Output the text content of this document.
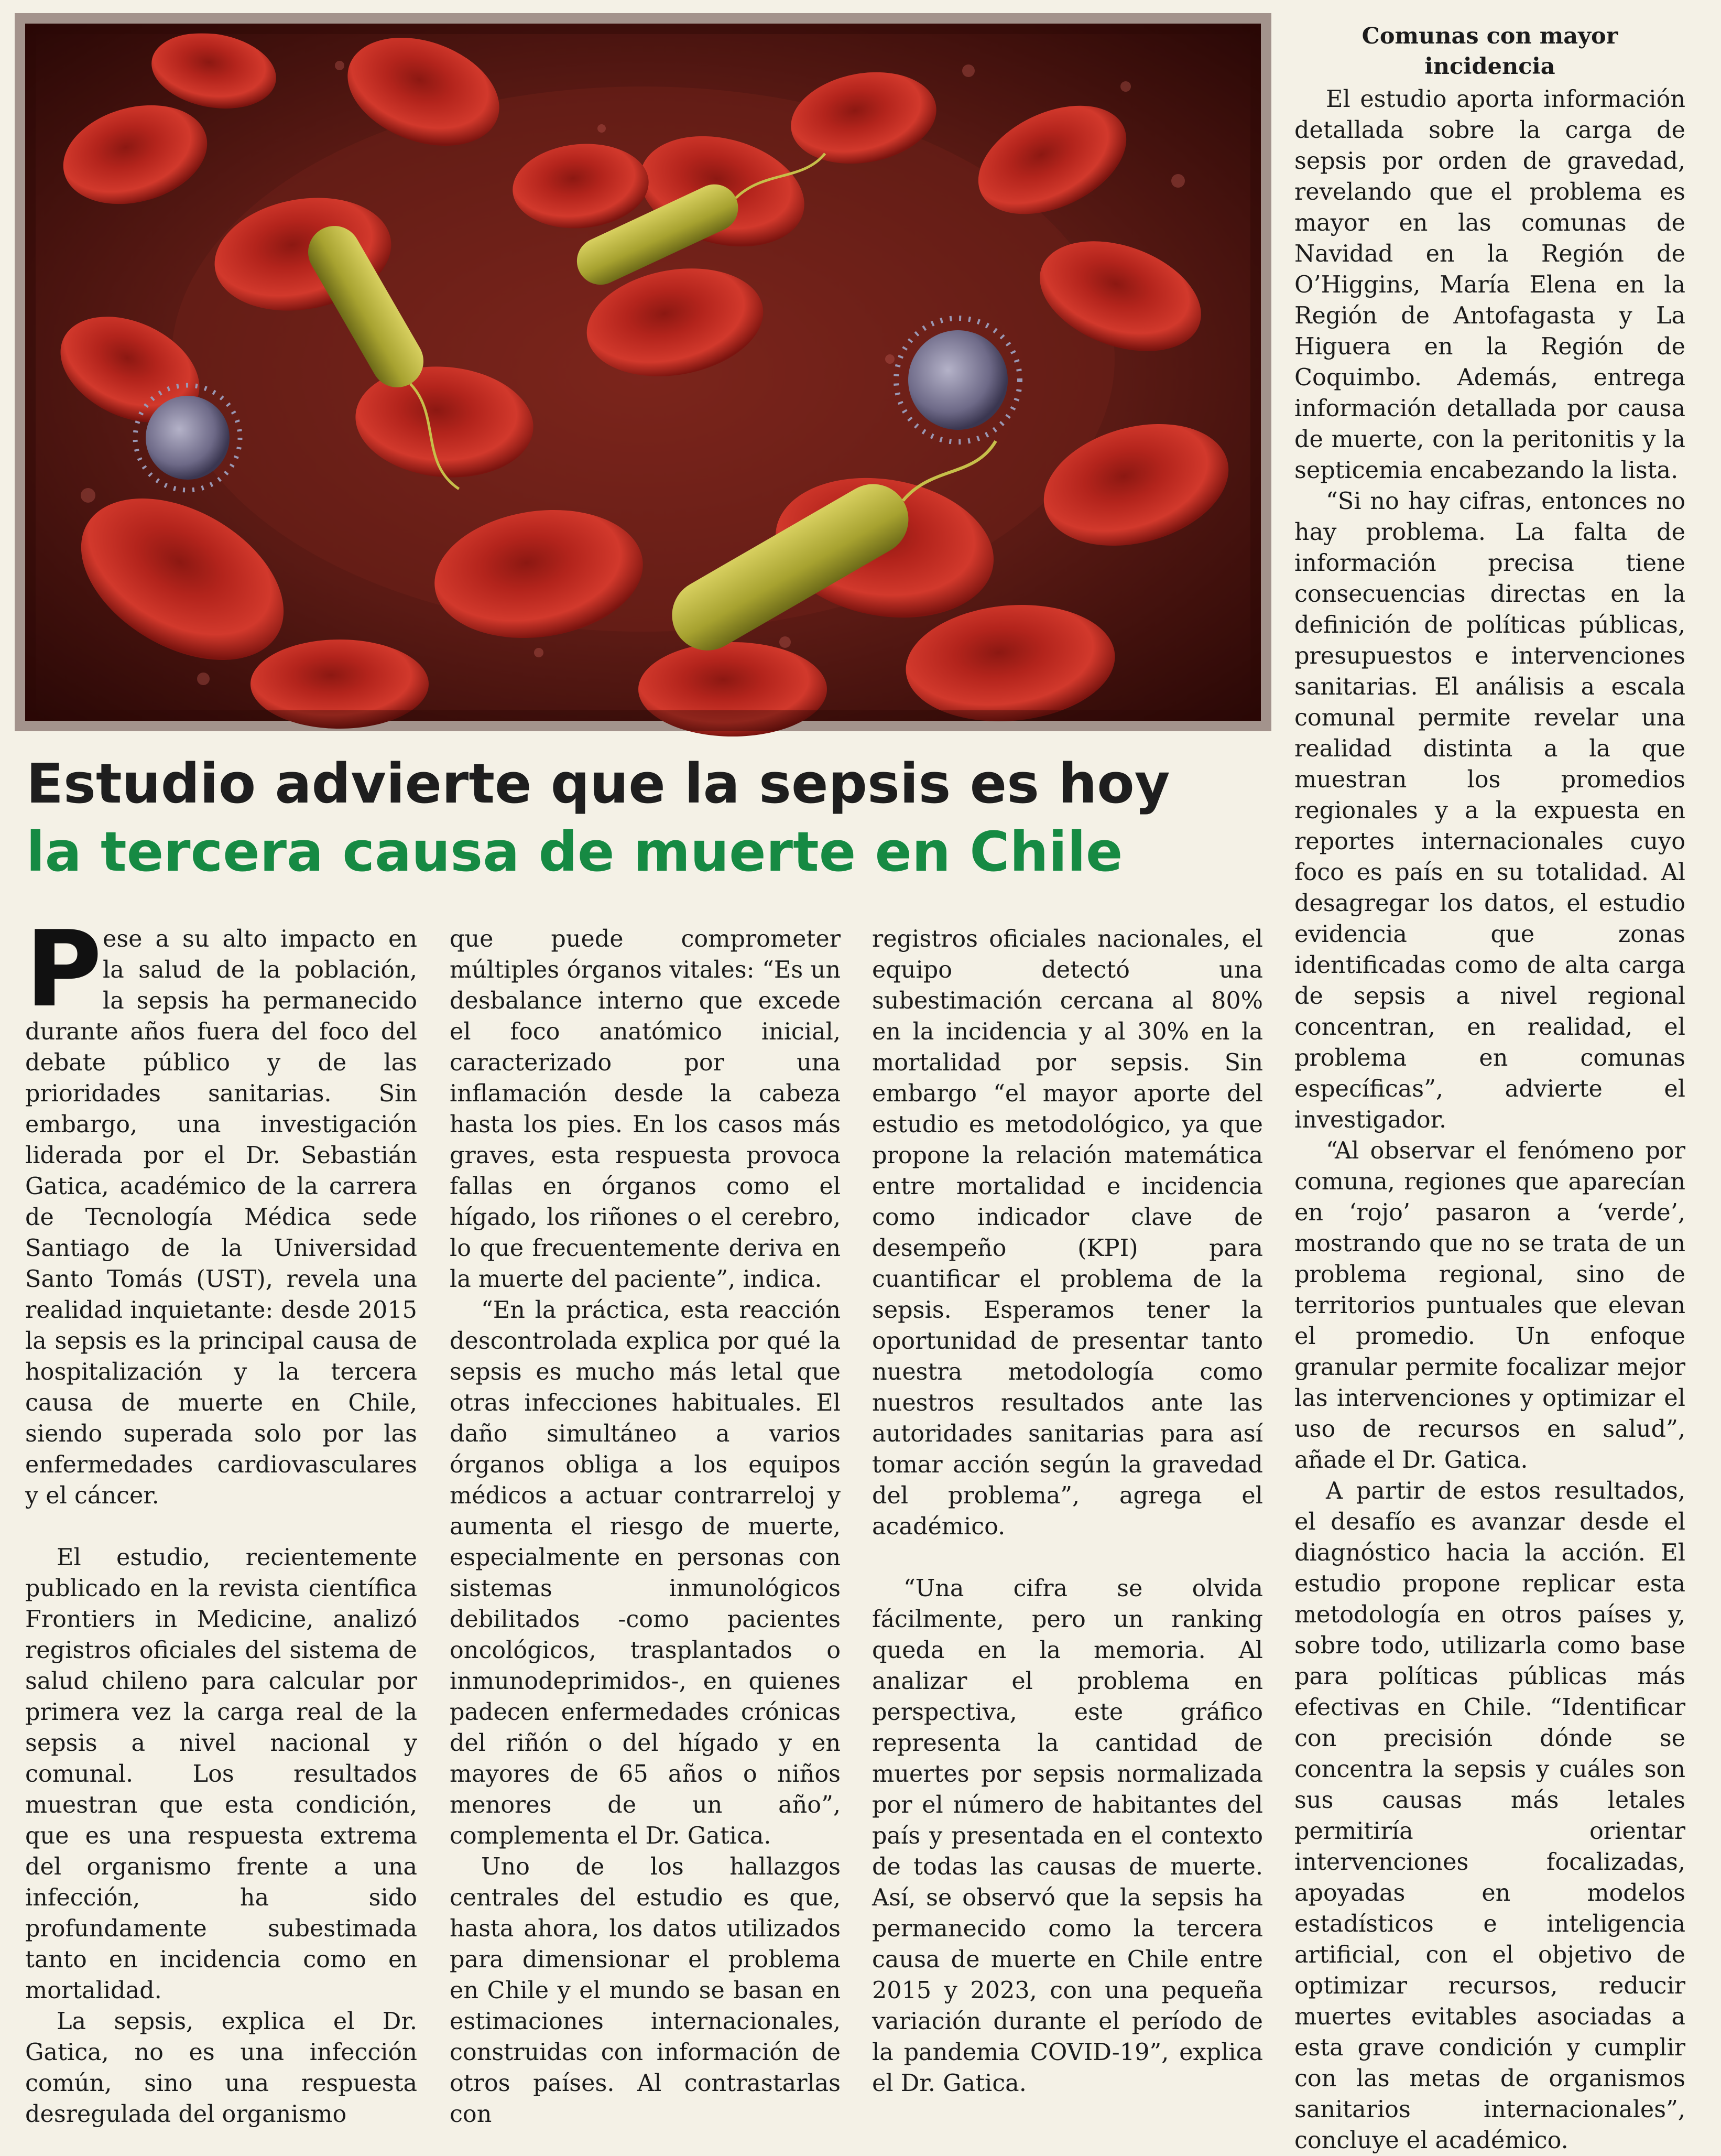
Estudio advierte que la sepsis es hoy
la tercera causa de muerte en Chile

Pese a su alto impacto en la salud de la población, la sepsis ha permanecido durante años fuera del foco del debate público y de las prioridades sanitarias. Sin embargo, una investigación liderada por el Dr. Sebastián Gatica, académico de la carrera de Tecnología Médica sede Santiago de la Universidad Santo Tomás (UST), revela una realidad inquietante: desde 2015 la sepsis es la principal causa de hospitalización y la tercera causa de muerte en Chile, siendo superada solo por las enfermedades cardiovasculares y el cáncer.

El estudio, recientemente publicado en la revista científica Frontiers in Medicine, analizó registros oficiales del sistema de salud chileno para calcular por primera vez la carga real de la sepsis a nivel nacional y comunal. Los resultados muestran que esta condición, que es una respuesta extrema del organismo frente a una infección, ha sido profundamente subestimada tanto en incidencia como en mortalidad.

La sepsis, explica el Dr. Gatica, no es una infección común, sino una respuesta desregulada del organismo

que puede comprometer múltiples órganos vitales: “Es un desbalance interno que excede el foco anatómico inicial, caracterizado por una inflamación desde la cabeza hasta los pies. En los casos más graves, esta respuesta provoca fallas en órganos como el hígado, los riñones o el cerebro, lo que frecuentemente deriva en la muerte del paciente”, indica.

“En la práctica, esta reacción descontrolada explica por qué la sepsis es mucho más letal que otras infecciones habituales. El daño simultáneo a varios órganos obliga a los equipos médicos a actuar contrarreloj y aumenta el riesgo de muerte, especialmente en personas con sistemas inmunológicos debilitados -como pacientes oncológicos, trasplantados o inmunodeprimidos-, en quienes padecen enfermedades crónicas del riñón o del hígado y en mayores de 65 años o niños menores de un año”, complementa el Dr. Gatica.

Uno de los hallazgos centrales del estudio es que, hasta ahora, los datos utilizados para dimensionar el problema en Chile y el mundo se basan en estimaciones internacionales, construidas con información de otros países. Al contrastarlas con

registros oficiales nacionales, el equipo detectó una subestimación cercana al 80% en la incidencia y al 30% en la mortalidad por sepsis. Sin embargo “el mayor aporte del estudio es metodológico, ya que propone la relación matemática entre mortalidad e incidencia como indicador clave de desempeño (KPI) para cuantificar el problema de la sepsis. Esperamos tener la oportunidad de presentar tanto nuestra metodología como nuestros resultados ante las autoridades sanitarias para así tomar acción según la gravedad del problema”, agrega el académico.

“Una cifra se olvida fácilmente, pero un ranking queda en la memoria. Al analizar el problema en perspectiva, este gráfico representa la cantidad de muertes por sepsis normalizada por el número de habitantes del país y presentada en el contexto de todas las causas de muerte. Así, se observó que la sepsis ha permanecido como la tercera causa de muerte en Chile entre 2015 y 2023, con una pequeña variación durante el período de la pandemia COVID-19”, explica el Dr. Gatica.

Comunas con mayor incidencia

El estudio aporta información detallada sobre la carga de sepsis por orden de gravedad, revelando que el problema es mayor en las comunas de Navidad en la Región de O’Higgins, María Elena en la Región de Antofagasta y La Higuera en la Región de Coquimbo. Además, entrega información detallada por causa de muerte, con la peritonitis y la septicemia encabezando la lista.

“Si no hay cifras, entonces no hay problema. La falta de información precisa tiene consecuencias directas en la definición de políticas públicas, presupuestos e intervenciones sanitarias. El análisis a escala comunal permite revelar una realidad distinta a la que muestran los promedios regionales y a la expuesta en reportes internacionales cuyo foco es país en su totalidad. Al desagregar los datos, el estudio evidencia que zonas identificadas como de alta carga de sepsis a nivel regional concentran, en realidad, el problema en comunas específicas”, advierte el investigador.

“Al observar el fenómeno por comuna, regiones que aparecían en ‘rojo’ pasaron a ‘verde’, mostrando que no se trata de un problema regional, sino de territorios puntuales que elevan el promedio. Un enfoque granular permite focalizar mejor las intervenciones y optimizar el uso de recursos en salud”, añade el Dr. Gatica.

A partir de estos resultados, el desafío es avanzar desde el diagnóstico hacia la acción. El estudio propone replicar esta metodología en otros países y, sobre todo, utilizarla como base para políticas públicas más efectivas en Chile. “Identificar con precisión dónde se concentra la sepsis y cuáles son sus causas más letales permitiría orientar intervenciones focalizadas, apoyadas en modelos estadísticos e inteligencia artificial, con el objetivo de optimizar recursos, reducir muertes evitables asociadas a esta grave condición y cumplir con las metas de organismos sanitarios internacionales”, concluye el académico.
